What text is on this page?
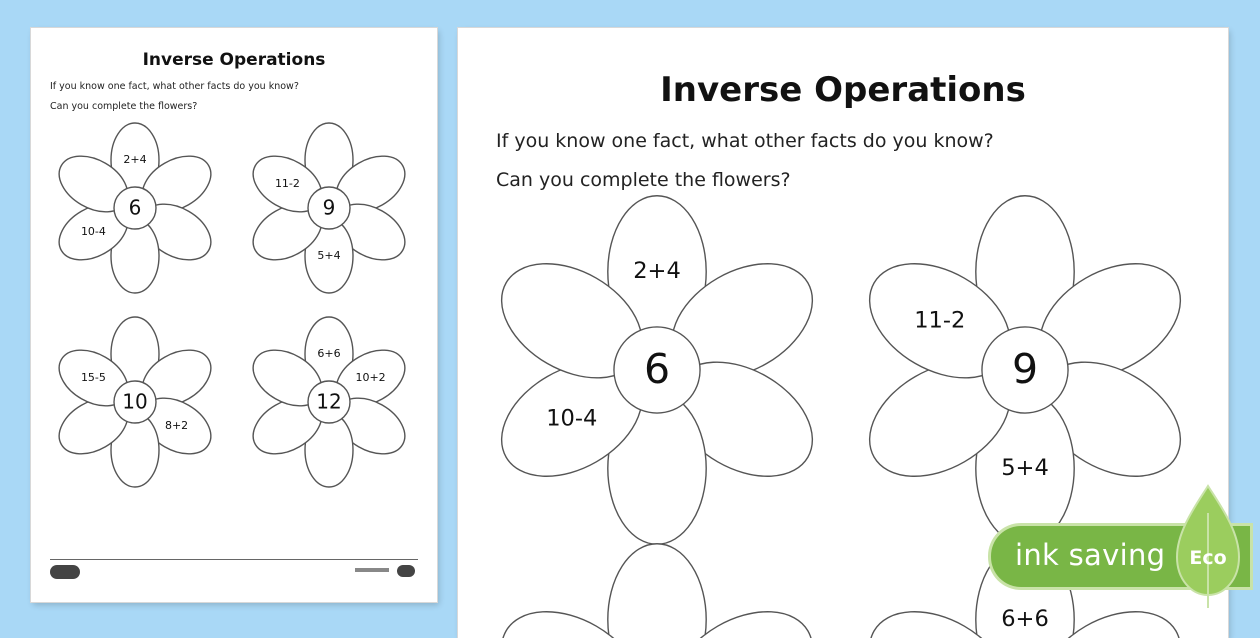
Inverse Operations
If you know one fact, what other facts do you know?
Can you complete the flowers?
6
2+4
10-4
9
11-2
5+4
10
15-5
8+2
12
6+6
10+2
Inverse Operations
If you know one fact, what other facts do you know?
Can you complete the flowers?
6
2+4
10-4
9
11-2
5+4
6+6
ink saving Eco
